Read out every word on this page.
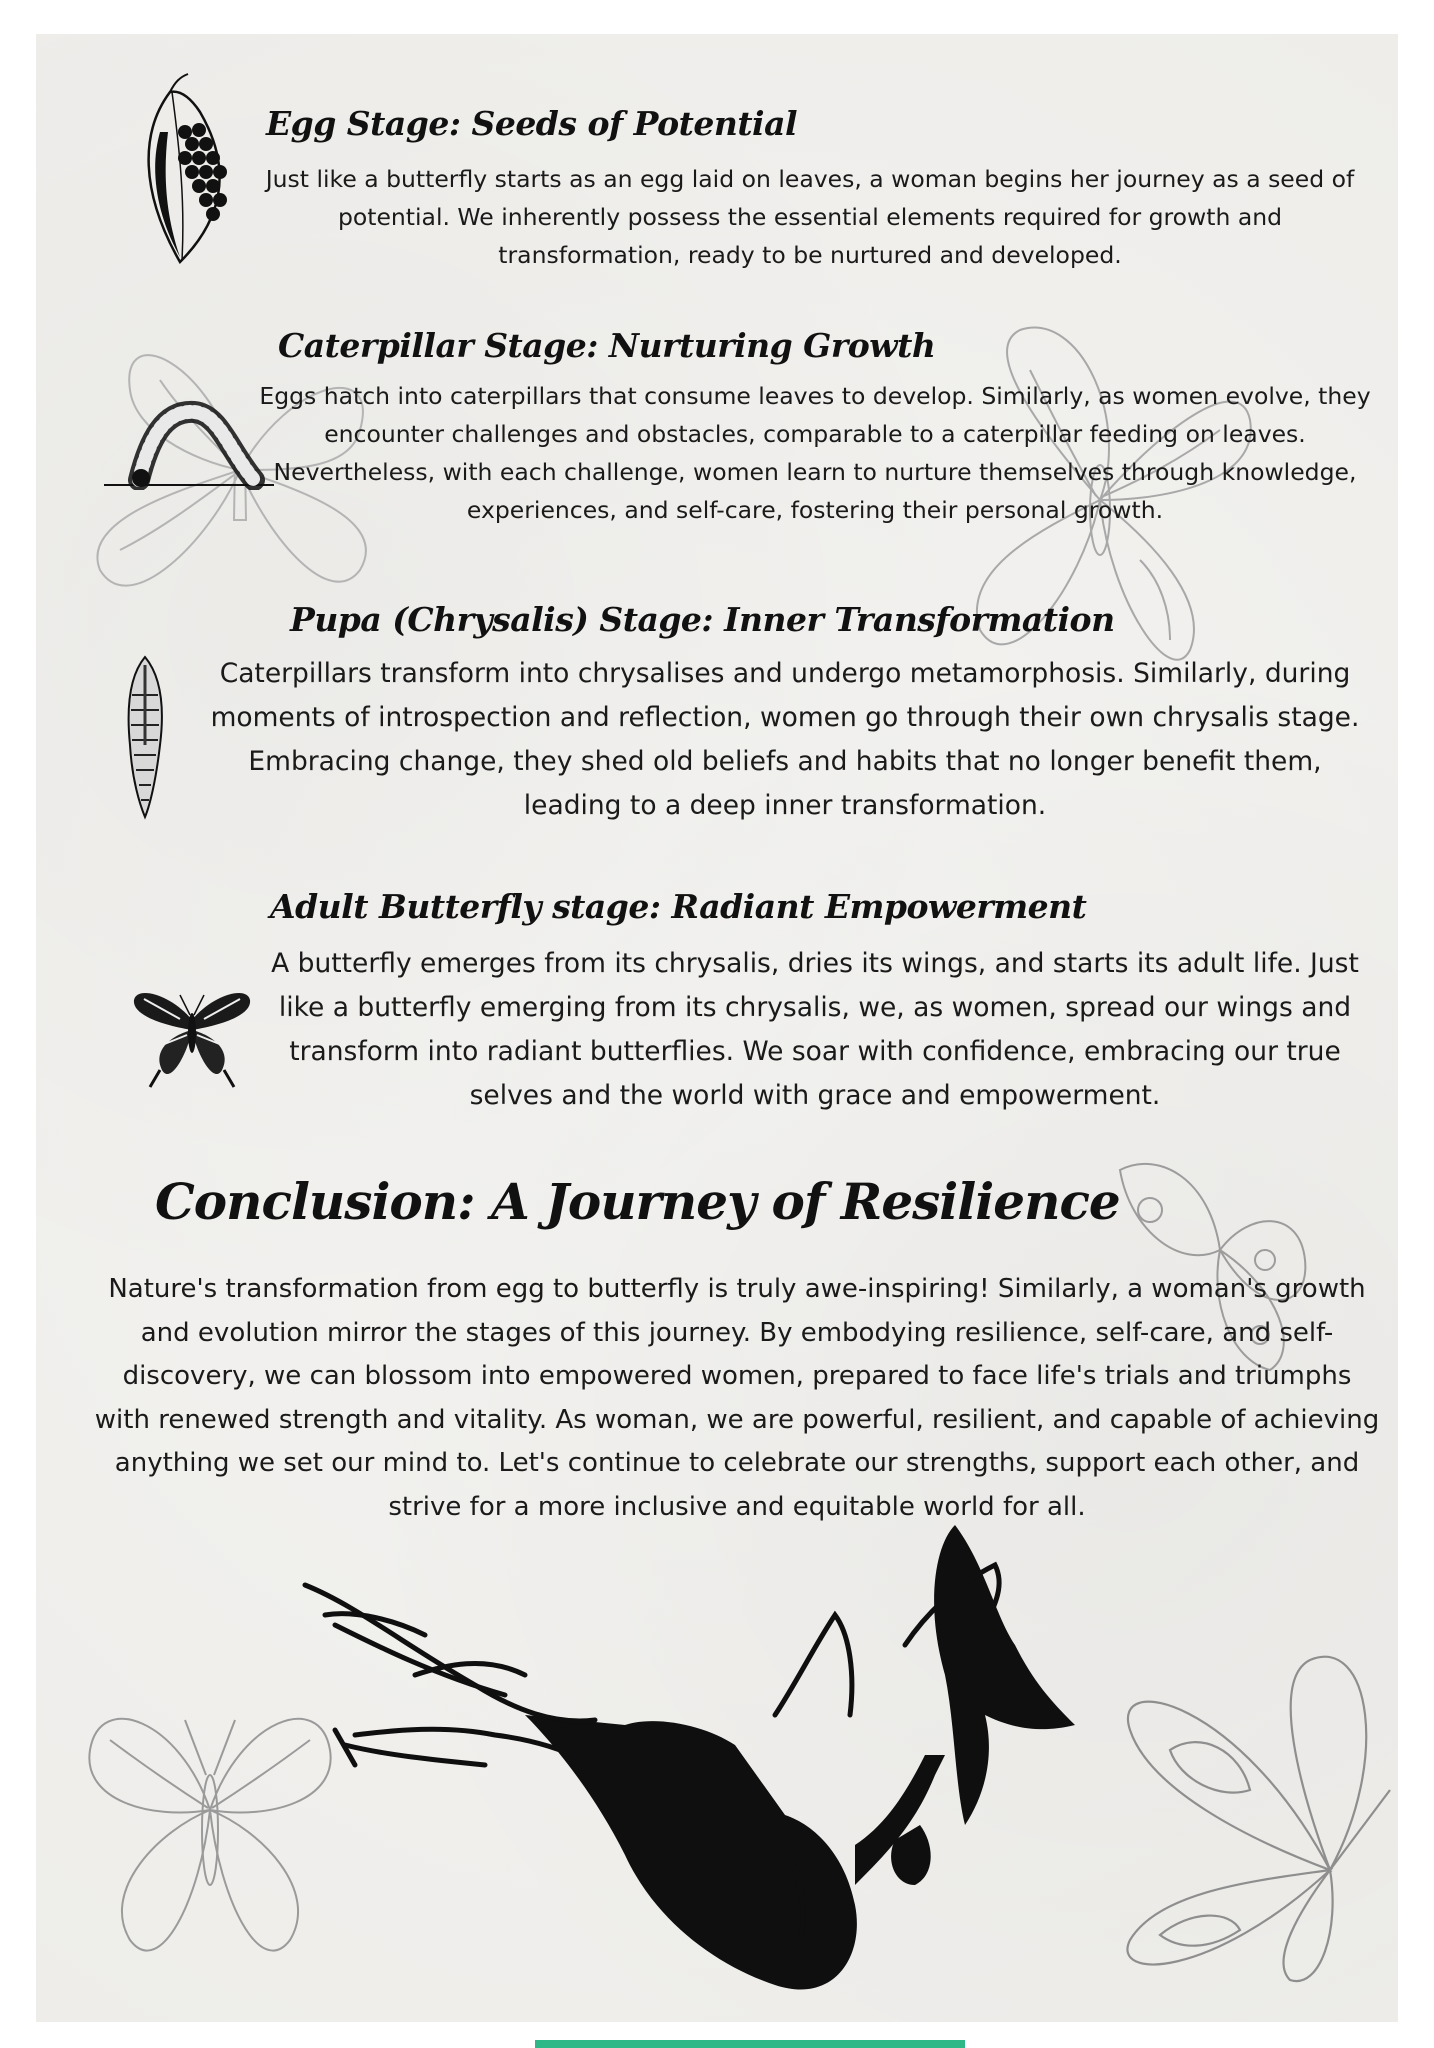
Egg Stage: Seeds of Potential

Just like a butterfly starts as an egg laid on leaves, a woman begins her journey as a seed of potential. We inherently possess the essential elements required for growth and transformation, ready to be nurtured and developed.

Caterpillar Stage: Nurturing Growth

Eggs hatch into caterpillars that consume leaves to develop. Similarly, as women evolve, they encounter challenges and obstacles, comparable to a caterpillar feeding on leaves. Nevertheless, with each challenge, women learn to nurture themselves through knowledge, experiences, and self-care, fostering their personal growth.

Pupa (Chrysalis) Stage: Inner Transformation

Caterpillars transform into chrysalises and undergo metamorphosis. Similarly, during moments of introspection and reflection, women go through their own chrysalis stage. Embracing change, they shed old beliefs and habits that no longer benefit them, leading to a deep inner transformation.

Adult Butterfly stage: Radiant Empowerment

A butterfly emerges from its chrysalis, dries its wings, and starts its adult life. Just like a butterfly emerging from its chrysalis, we, as women, spread our wings and transform into radiant butterflies. We soar with confidence, embracing our true selves and the world with grace and empowerment.

Conclusion: A Journey of Resilience

Nature's transformation from egg to butterfly is truly awe-inspiring! Similarly, a woman's growth and evolution mirror the stages of this journey. By embodying resilience, self-care, and self-discovery, we can blossom into empowered women, prepared to face life's trials and triumphs with renewed strength and vitality. As woman, we are powerful, resilient, and capable of achieving anything we set our mind to. Let's continue to celebrate our strengths, support each other, and strive for a more inclusive and equitable world for all.
